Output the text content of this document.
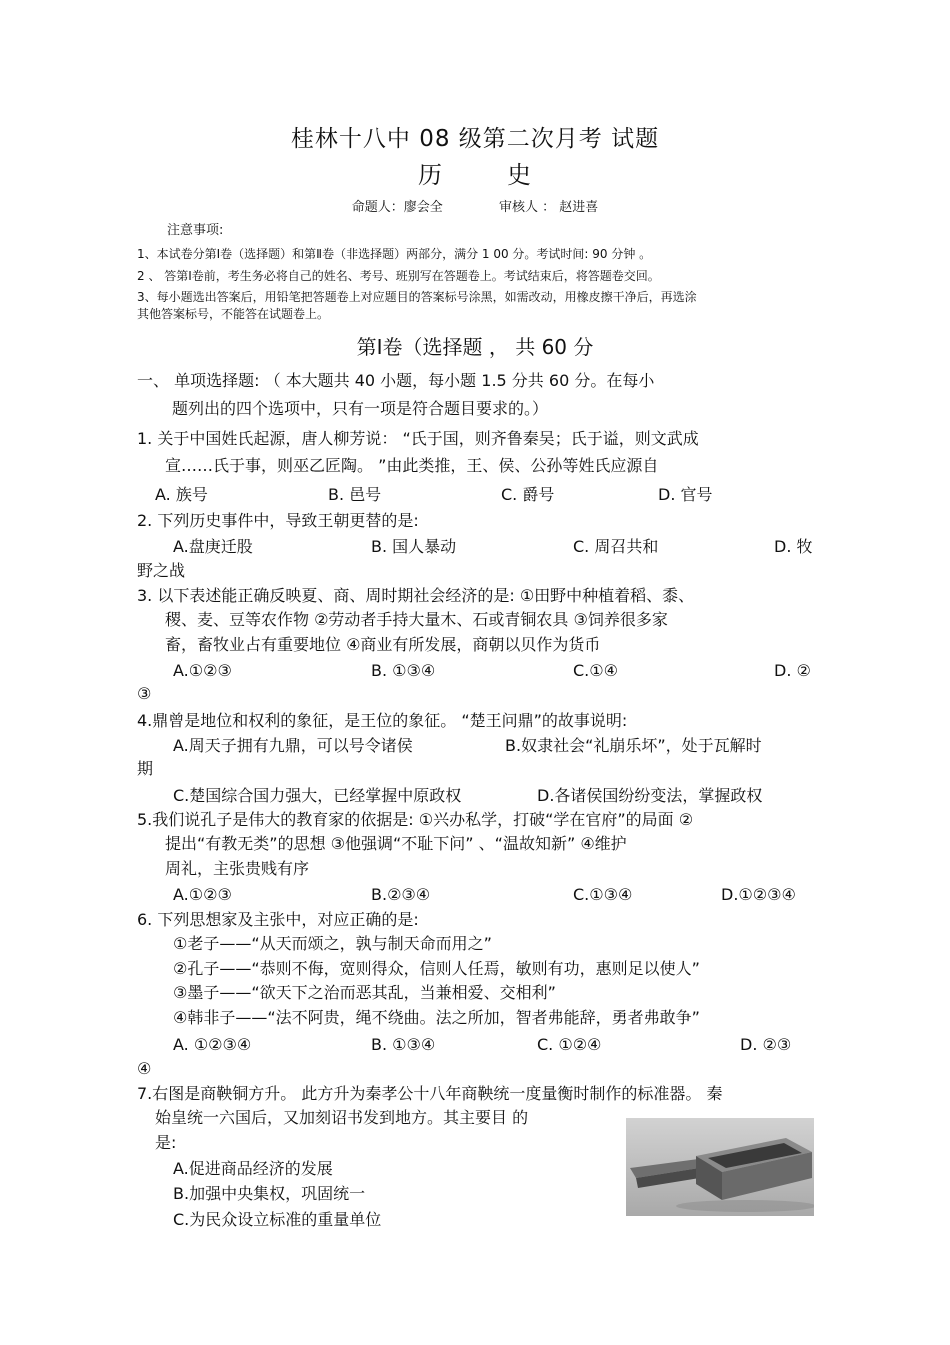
桂林十八中 08 级第二次月考 试题
历	史
命题人：廖会全	审核人 ： 赵进喜
注意事项:
1、本试卷分第Ⅰ卷（选择题）和第Ⅱ卷（非选择题）两部分，满分 1 00 分。考试时间: 90 分钟 。
2 、 答第Ⅰ卷前，考生务必将自己的姓名、考号、班别写在答题卷上。考试结束后，将答题卷交回。
3、每小题选出答案后，用铅笔把答题卷上对应题目的答案标号涂黑，如需改动，用橡皮擦干净后，再选涂
其他答案标号，不能答在试题卷上。
第Ⅰ卷（选择题 ， 共 60 分
一、 单项选择题: （ 本大题共 40 小题，每小题 1.5 分共 60 分。在每小
题列出的四个选项中，只有一项是符合题目要求的。）
1. 关于中国姓氏起源，唐人柳芳说： “氏于国，则齐鲁秦吴；氏于谥，则文武成
宣……氏于事，则巫乙匠陶。 ”由此类推，王、侯、公孙等姓氏应源自
A. 族号	B. 邑号	C. 爵号	D. 官号
2. 下列历史事件中，导致王朝更替的是:
A.盘庚迁股	B. 国人暴动	C. 周召共和	D. 牧
野之战
3. 以下表述能正确反映夏、商、周时期社会经济的是: ①田野中种植着稻、黍、
稷、麦、豆等农作物 ②劳动者手持大量木、石或青铜农具 ③饲养很多家
畜，畜牧业占有重要地位 ④商业有所发展，商朝以贝作为货币
A.①②③	B. ①③④	C.①④	D. ②
③
4.鼎曾是地位和权利的象征，是王位的象征。 “楚王问鼎”的故事说明:
A.周天子拥有九鼎，可以号令诸侯	B.奴隶社会“礼崩乐坏”，处于瓦解时
期
C.楚国综合国力强大，已经掌握中原政权	D.各诸侯国纷纷变法，掌握政权
5.我们说孔子是伟大的教育家的依据是: ①兴办私学，打破“学在官府”的局面 ②
提出“有教无类”的思想 ③他强调“不耻下问” 、“温故知新” ④维护
周礼，主张贵贱有序
A.①②③	B.②③④	C.①③④	D.①②③④
6. 下列思想家及主张中，对应正确的是:
①老子——“从天而颂之，孰与制天命而用之”
②孔子——“恭则不侮，宽则得众，信则人任焉，敏则有功，惠则足以使人”
③墨子——“欲天下之治而恶其乱，当兼相爱、交相利”
④韩非子——“法不阿贵，绳不绕曲。法之所加，智者弗能辞，勇者弗敢争”
A. ①②③④	B. ①③④	C. ①②④	D. ②③
④
7.右图是商鞅铜方升。 此方升为秦孝公十八年商鞅统一度量衡时制作的标准器。 秦
始皇统一六国后，又加刻诏书发到地方。其主要目 的
是:
A.促进商品经济的发展
B.加强中央集权，巩固统一
C.为民众设立标准的重量单位
